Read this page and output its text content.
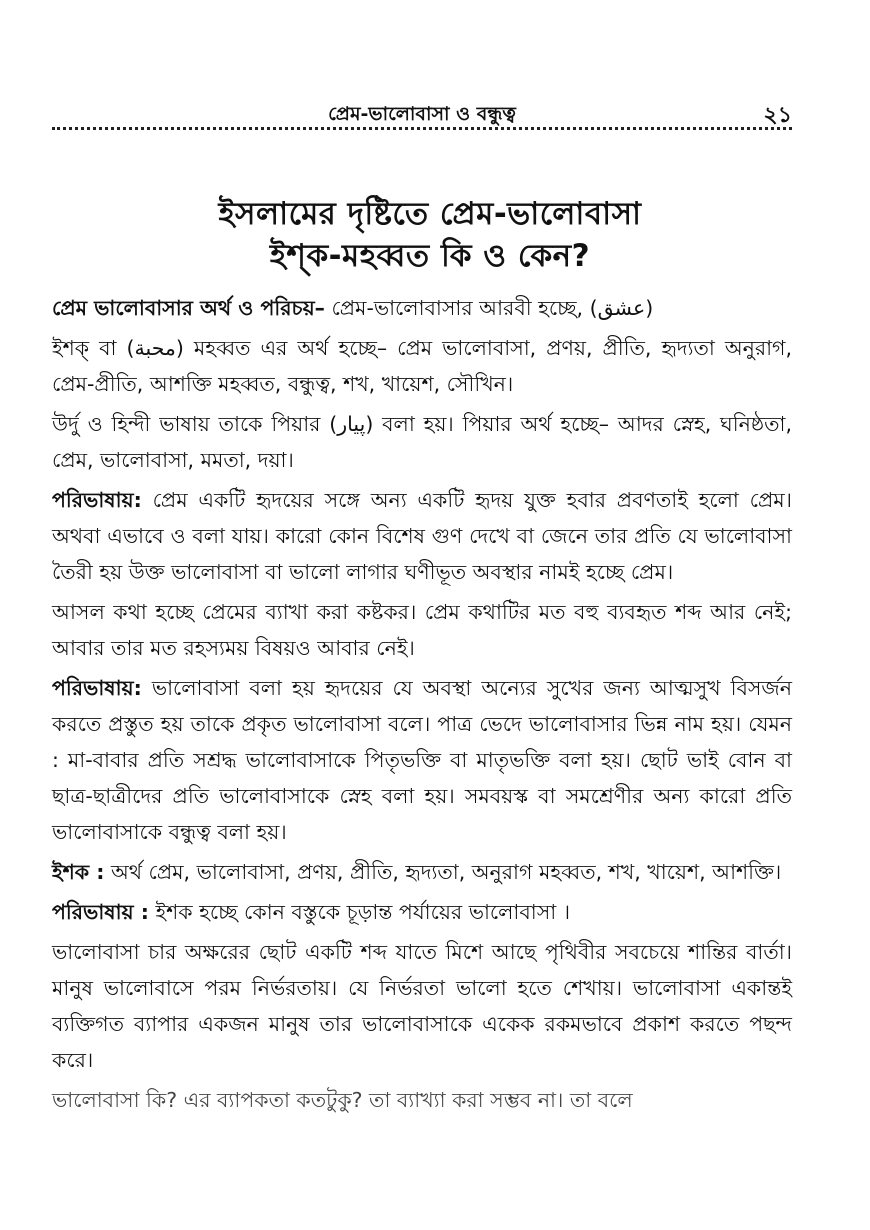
প্রেম-ভালোবাসা ও বন্ধুত্ব	২১
ইসলামের দৃষ্টিতে প্রেম-ভালোবাসা
ইশ্‌ক-মহব্বত কি ও কেন?

প্রেম ভালোবাসার অর্থ ও পরিচয়– প্রেম-ভালোবাসার আরবী হচ্ছে, (عشق)

ইশক্ বা (محبة) মহব্বত এর অর্থ হচ্ছে– প্রেম ভালোবাসা, প্রণয়, প্রীতি, হৃদ্যতা অনুরাগ, প্রেম-প্রীতি, আশক্তি মহব্বত, বন্ধুত্ব, শখ, খায়েশ, সৌখিন।

উর্দু ও হিন্দী ভাষায় তাকে পিয়ার (پیار) বলা হয়। পিয়ার অর্থ হচ্ছে– আদর স্নেহ, ঘনিষ্ঠতা, প্রেম, ভালোবাসা, মমতা, দয়া।

পরিভাষায়: প্রেম একটি হৃদয়ের সঙ্গে অন্য একটি হৃদয় যুক্ত হবার প্রবণতাই হলো প্রেম। অথবা এভাবে ও বলা যায়। কারো কোন বিশেষ গুণ দেখে বা জেনে তার প্রতি যে ভালোবাসা তৈরী হয় উক্ত ভালোবাসা বা ভালো লাগার ঘণীভূত অবস্থার নামই হচ্ছে প্রেম।

আসল কথা হচ্ছে প্রেমের ব্যাখা করা কষ্টকর। প্রেম কথাটির মত বহু ব্যবহৃত শব্দ আর নেই; আবার তার মত রহস্যময় বিষয়ও আবার নেই।

পরিভাষায়: ভালোবাসা বলা হয় হৃদয়ের যে অবস্থা অন্যের সুখের জন্য আত্মসুখ বিসর্জন করতে প্রস্তুত হয় তাকে প্রকৃত ভালোবাসা বলে। পাত্র ভেদে ভালোবাসার ভিন্ন নাম হয়। যেমন : মা-বাবার প্রতি সশ্রদ্ধ ভালোবাসাকে পিতৃভক্তি বা মাতৃভক্তি বলা হয়। ছোট ভাই বোন বা ছাত্র-ছাত্রীদের প্রতি ভালোবাসাকে স্নেহ বলা হয়। সমবয়স্ক বা সমশ্রেণীর অন্য কারো প্রতি ভালোবাসাকে বন্ধুত্ব বলা হয়।

ইশক : অর্থ প্রেম, ভালোবাসা, প্রণয়, প্রীতি, হৃদ্যতা, অনুরাগ মহব্বত, শখ, খায়েশ, আশক্তি।

পরিভাষায় : ইশক হচ্ছে কোন বস্তুকে চূড়ান্ত পর্যায়ের ভালোবাসা ।

ভালোবাসা চার অক্ষরের ছোট একটি শব্দ যাতে মিশে আছে পৃথিবীর সবচেয়ে শান্তির বার্তা। মানুষ ভালোবাসে পরম নির্ভরতায়। যে নির্ভরতা ভালো হতে শেখায়। ভালোবাসা একান্তই ব্যক্তিগত ব্যাপার একজন মানুষ তার ভালোবাসাকে একেক রকমভাবে প্রকাশ করতে পছন্দ করে।

ভালোবাসা কি? এর ব্যাপকতা কতটুকু? তা ব্যাখ্যা করা সম্ভব না। তা বলে
